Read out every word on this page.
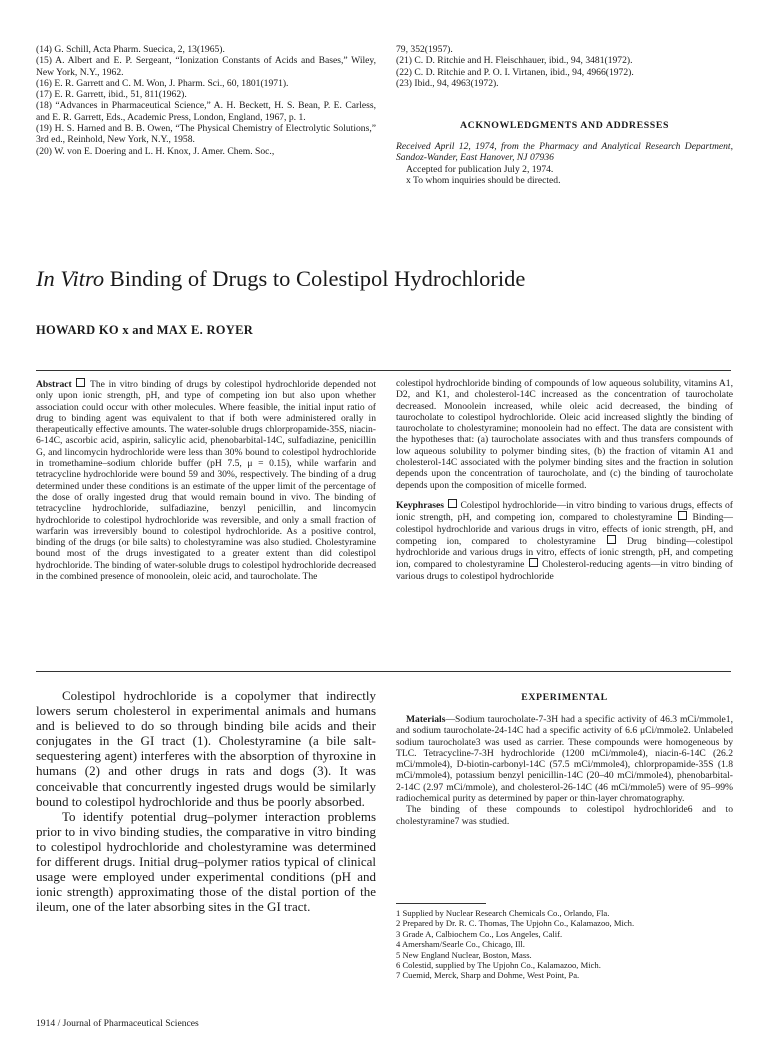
(14) G. Schill, Acta Pharm. Suecica, 2, 13(1965).

(15) A. Albert and E. P. Sergeant, “Ionization Constants of Acids and Bases,” Wiley, New York, N.Y., 1962.

(16) E. R. Garrett and C. M. Won, J. Pharm. Sci., 60, 1801(1971).

(17) E. R. Garrett, ibid., 51, 811(1962).

(18) “Advances in Pharmaceutical Science,” A. H. Beckett, H. S. Bean, P. E. Carless, and E. R. Garrett, Eds., Academic Press, London, England, 1967, p. 1.

(19) H. S. Harned and B. B. Owen, “The Physical Chemistry of Electrolytic Solutions,” 3rd ed., Reinhold, New York, N.Y., 1958.

(20) W. von E. Doering and L. H. Knox, J. Amer. Chem. Soc.,

79, 352(1957).

(21) C. D. Ritchie and H. Fleischhauer, ibid., 94, 3481(1972).

(22) C. D. Ritchie and P. O. I. Virtanen, ibid., 94, 4966(1972).

(23) Ibid., 94, 4963(1972).

ACKNOWLEDGMENTS AND ADDRESSES

Received April 12, 1974, from the Pharmacy and Analytical Research Department, Sandoz-Wander, East Hanover, NJ 07936

Accepted for publication July 2, 1974.

x To whom inquiries should be directed.

In Vitro Binding of Drugs to Colestipol Hydrochloride
HOWARD KO x and MAX E. ROYER
Abstract The in vitro binding of drugs by colestipol hydrochloride depended not only upon ionic strength, pH, and type of competing ion but also upon whether association could occur with other molecules. Where feasible, the initial input ratio of drug to binding agent was equivalent to that if both were administered orally in therapeutically effective amounts. The water-soluble drugs chlorpropamide-35S, niacin-6-14C, ascorbic acid, aspirin, salicylic acid, phenobarbital-14C, sulfadiazine, penicillin G, and lincomycin hydrochloride were less than 30% bound to colestipol hydrochloride in tromethamine–sodium chloride buffer (pH 7.5, μ = 0.15), while warfarin and tetracycline hydrochloride were bound 59 and 30%, respectively. The binding of a drug determined under these conditions is an estimate of the upper limit of the percentage of the dose of orally ingested drug that would remain bound in vivo. The binding of tetracycline hydrochloride, sulfadiazine, benzyl penicillin, and lincomycin hydrochloride to colestipol hydrochloride was reversible, and only a small fraction of warfarin was irreversibly bound to colestipol hydrochloride. As a positive control, binding of the drugs (or bile salts) to cholestyramine was also studied. Cholestyramine bound most of the drugs investigated to a greater extent than did colestipol hydrochloride. The binding of water-soluble drugs to colestipol hydrochloride decreased in the combined presence of monoolein, oleic acid, and taurocholate. The
colestipol hydrochloride binding of compounds of low aqueous solubility, vitamins A1, D2, and K1, and cholesterol-14C increased as the concentration of taurocholate decreased. Monoolein increased, while oleic acid decreased, the binding of taurocholate to colestipol hydrochloride. Oleic acid increased slightly the binding of taurocholate to cholestyramine; monoolein had no effect. The data are consistent with the hypotheses that: (a) taurocholate associates with and thus transfers compounds of low aqueous solubility to polymer binding sites, (b) the fraction of vitamin A1 and cholesterol-14C associated with the polymer binding sites and the fraction in solution depends upon the concentration of taurocholate, and (c) the binding of taurocholate depends upon the composition of micelle formed.
Keyphrases Colestipol hydrochloride—in vitro binding to various drugs, effects of ionic strength, pH, and competing ion, compared to cholestyramine Binding—colestipol hydrochloride and various drugs in vitro, effects of ionic strength, pH, and competing ion, compared to cholestyramine	Drug binding—colestipol hydrochloride and various drugs in vitro, effects of ionic strength, pH, and competing ion, compared to cholestyramine Cholesterol-reducing agents—in vitro binding of various drugs to colestipol hydrochloride

Colestipol hydrochloride is a copolymer that indirectly lowers serum cholesterol in experimental animals and humans and is believed to do so through binding bile acids and their conjugates in the GI tract (1). Cholestyramine (a bile salt-sequestering agent) interferes with the absorption of thyroxine in humans (2) and other drugs in rats and dogs (3). It was conceivable that concurrently ingested drugs would be similarly bound to colestipol hydrochloride and thus be poorly absorbed.

To identify potential drug–polymer interaction problems prior to in vivo binding studies, the comparative in vitro binding to colestipol hydrochloride and cholestyramine was determined for different drugs. Initial drug–polymer ratios typical of clinical usage were employed under experimental conditions (pH and ionic strength) approximating those of the distal portion of the ileum, one of the later absorbing sites in the GI tract.

EXPERIMENTAL

Materials—Sodium taurocholate-7-3H had a specific activity of 46.3 mCi/mmole1, and sodium taurocholate-24-14C had a specific activity of 6.6 μCi/mmole2. Unlabeled sodium taurocholate3 was used as carrier. These compounds were homogeneous by TLC. Tetracycline-7-3H hydrochloride (1200 mCi/mmole4), niacin-6-14C (26.2 mCi/mmole4), D-biotin-carbonyl-14C (57.5 mCi/mmole4), chlorpropamide-35S (1.8 mCi/mmole4), potassium benzyl penicillin-14C (20–40 mCi/mmole4), phenobarbital-2-14C (2.97 mCi/mmole), and cholesterol-26-14C (46 mCi/mmole5) were of 95–99% radiochemical purity as determined by paper or thin-layer chromatography.

The binding of these compounds to colestipol hydrochloride6 and to cholestyramine7 was studied.

1 Supplied by Nuclear Research Chemicals Co., Orlando, Fla.

2 Prepared by Dr. R. C. Thomas, The Upjohn Co., Kalamazoo, Mich.

3 Grade A, Calbiochem Co., Los Angeles, Calif.

4 Amersham/Searle Co., Chicago, Ill.

5 New England Nuclear, Boston, Mass.

6 Colestid, supplied by The Upjohn Co., Kalamazoo, Mich.

7 Cuemid, Merck, Sharp and Dohme, West Point, Pa.

1914 / Journal of Pharmaceutical Sciences
